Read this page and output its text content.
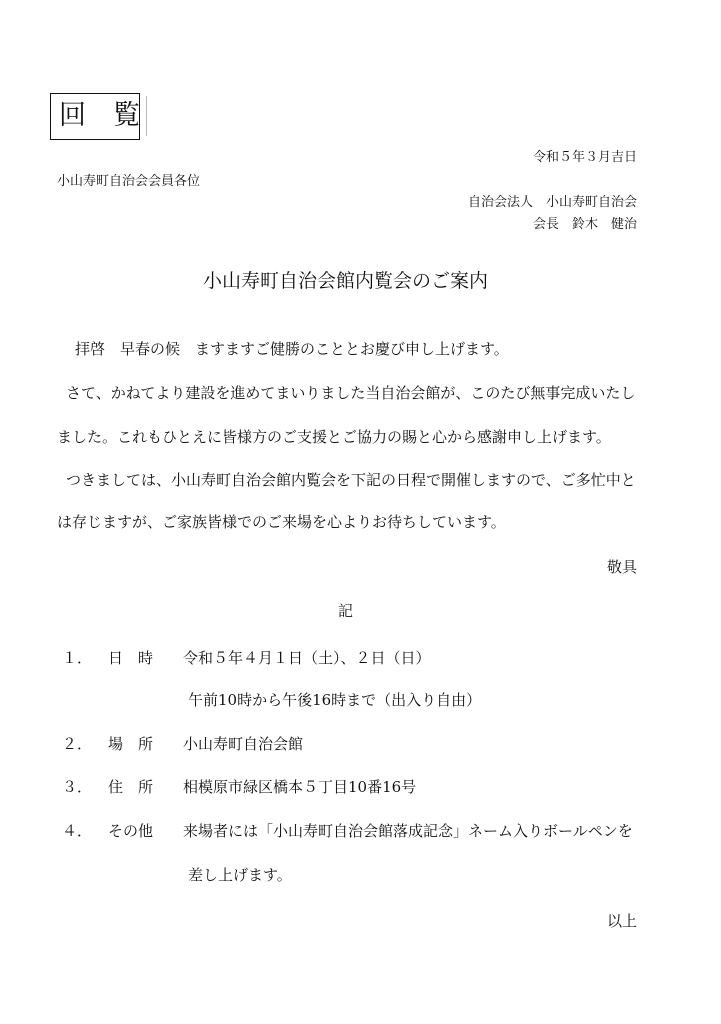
回　覧
令和５年３月吉日
小山寿町自治会会員各位
自治会法人　小山寿町自治会
会長　鈴木　健治
小山寿町自治会館内覧会のご案内
拝啓　早春の候　ますますご健勝のこととお慶び申し上げます。
さて、かねてより建設を進めてまいりました当自治会館が、このたび無事完成いたし
ました。これもひとえに皆様方のご支援とご協力の賜と心から感謝申し上げます。
つきましては、小山寿町自治会館内覧会を下記の日程で開催しますので、ご多忙中と
は存じますが、ご家族皆様でのご来場を心よりお待ちしています。
敬具
記
１． 日　時 令和５年４月１日（土）、２日（日）
午前10時から午後16時まで（出入り自由）
２． 場　所 小山寿町自治会館
３． 住　所 相模原市緑区橋本５丁目10番16号
４． その他 来場者には「小山寿町自治会館落成記念」ネーム入りボールペンを
差し上げます。
以上
